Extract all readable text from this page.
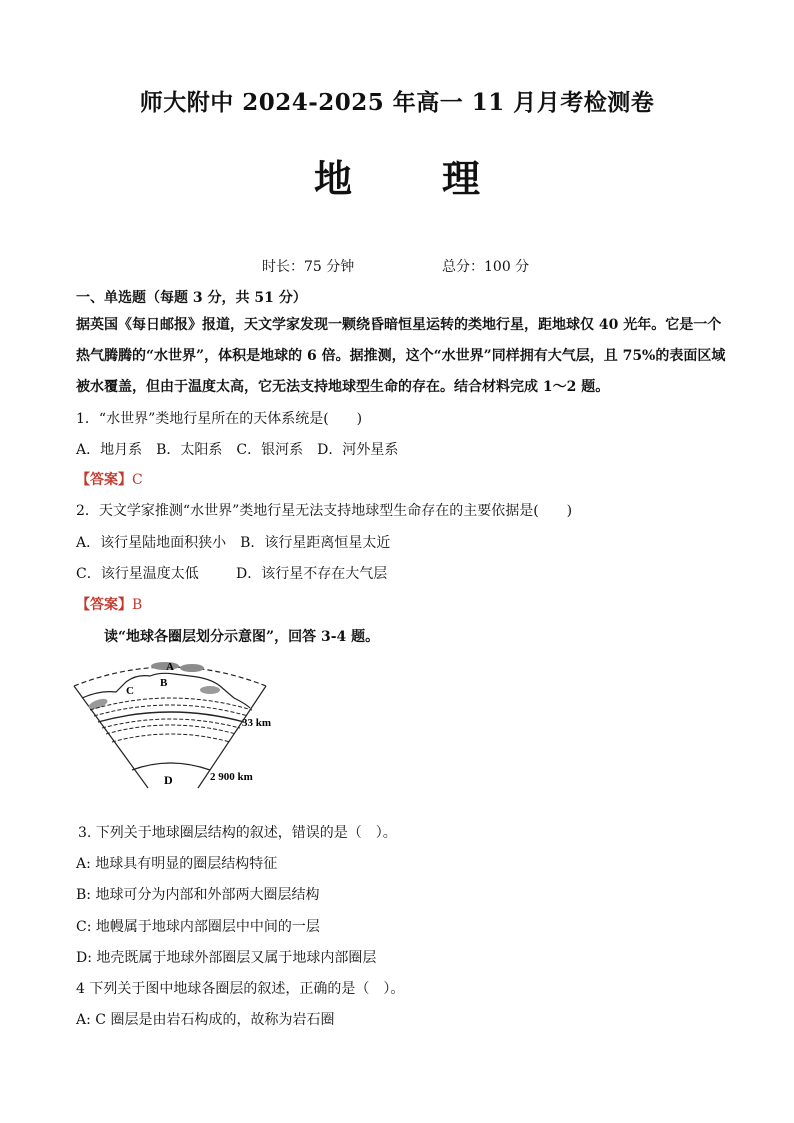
师大附中 2024-2025 年高一 11 月月考检测卷
地　理
时长：75 分钟	总分：100 分
一、单选题（每题 3 分，共 51 分）
据英国《每日邮报》报道，天文学家发现一颗绕昏暗恒星运转的类地行星，距地球仅 40 光年。它是一个
热气腾腾的“水世界”，体积是地球的 6 倍。据推测，这个“水世界”同样拥有大气层，且 75%的表面区域
被水覆盖，但由于温度太高，它无法支持地球型生命的存在。结合材料完成 1～2 题。
1．“水世界”类地行星所在的天体系统是(　　)
A．地月系　B．太阳系　C．银河系　D．河外星系
【答案】C
2．天文学家推测“水世界”类地行星无法支持地球型生命存在的主要依据是(　　)
A．该行星陆地面积狭小　B．该行星距离恒星太近
C．该行星温度太低	D．该行星不存在大气层
【答案】B
读“地球各圈层划分示意图”，回答 3-4 题。
A
B
C
D
33 km
2 900 km
3. 下列关于地球圈层结构的叙述，错误的是（　）。
A: 地球具有明显的圈层结构特征
B: 地球可分为内部和外部两大圈层结构
C: 地幔属于地球内部圈层中中间的一层
D: 地壳既属于地球外部圈层又属于地球内部圈层
4 下列关于图中地球各圈层的叙述，正确的是（　）。
A: C 圈层是由岩石构成的，故称为岩石圈
